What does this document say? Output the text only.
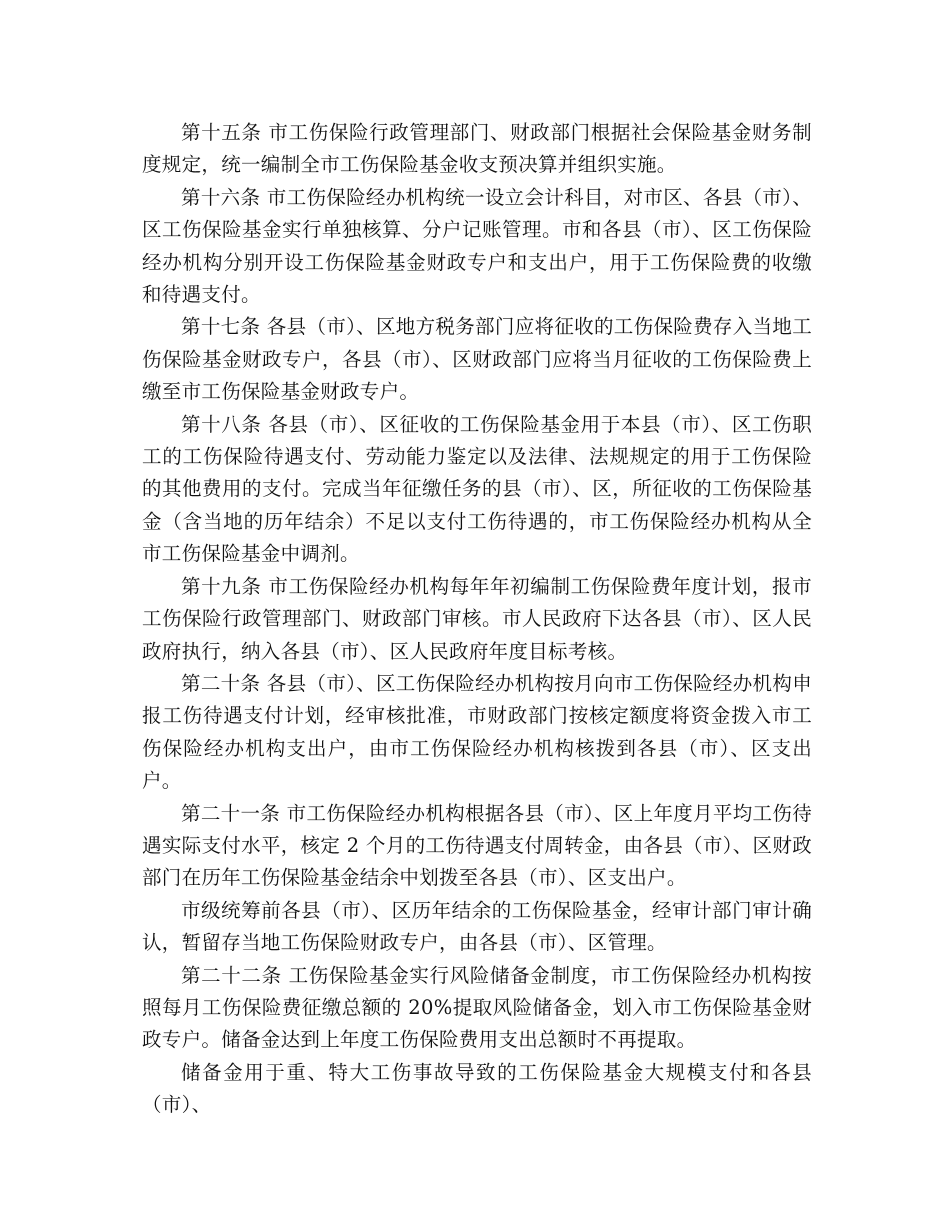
第十五条 市工伤保险行政管理部门、财政部门根据社会保险基金财务制度规定，统一编制全市工伤保险基金收支预决算并组织实施。

第十六条 市工伤保险经办机构统一设立会计科目，对市区、各县（市）、区工伤保险基金实行单独核算、分户记账管理。市和各县（市）、区工伤保险经办机构分别开设工伤保险基金财政专户和支出户，用于工伤保险费的收缴和待遇支付。

第十七条 各县（市）、区地方税务部门应将征收的工伤保险费存入当地工伤保险基金财政专户，各县（市）、区财政部门应将当月征收的工伤保险费上缴至市工伤保险基金财政专户。

第十八条 各县（市）、区征收的工伤保险基金用于本县（市）、区工伤职工的工伤保险待遇支付、劳动能力鉴定以及法律、法规规定的用于工伤保险的其他费用的支付。完成当年征缴任务的县（市）、区，所征收的工伤保险基金（含当地的历年结余）不足以支付工伤待遇的，市工伤保险经办机构从全市工伤保险基金中调剂。

第十九条 市工伤保险经办机构每年年初编制工伤保险费年度计划，报市工伤保险行政管理部门、财政部门审核。市人民政府下达各县（市）、区人民政府执行，纳入各县（市）、区人民政府年度目标考核。

第二十条 各县（市）、区工伤保险经办机构按月向市工伤保险经办机构申报工伤待遇支付计划，经审核批准，市财政部门按核定额度将资金拨入市工伤保险经办机构支出户，由市工伤保险经办机构核拨到各县（市）、区支出户。

第二十一条 市工伤保险经办机构根据各县（市）、区上年度月平均工伤待遇实际支付水平，核定 2 个月的工伤待遇支付周转金，由各县（市）、区财政部门在历年工伤保险基金结余中划拨至各县（市）、区支出户。

市级统筹前各县（市）、区历年结余的工伤保险基金，经审计部门审计确认，暂留存当地工伤保险财政专户，由各县（市）、区管理。

第二十二条 工伤保险基金实行风险储备金制度，市工伤保险经办机构按照每月工伤保险费征缴总额的 20%提取风险储备金，划入市工伤保险基金财政专户。储备金达到上年度工伤保险费用支出总额时不再提取。

储备金用于重、特大工伤事故导致的工伤保险基金大规模支付和各县（市）、
